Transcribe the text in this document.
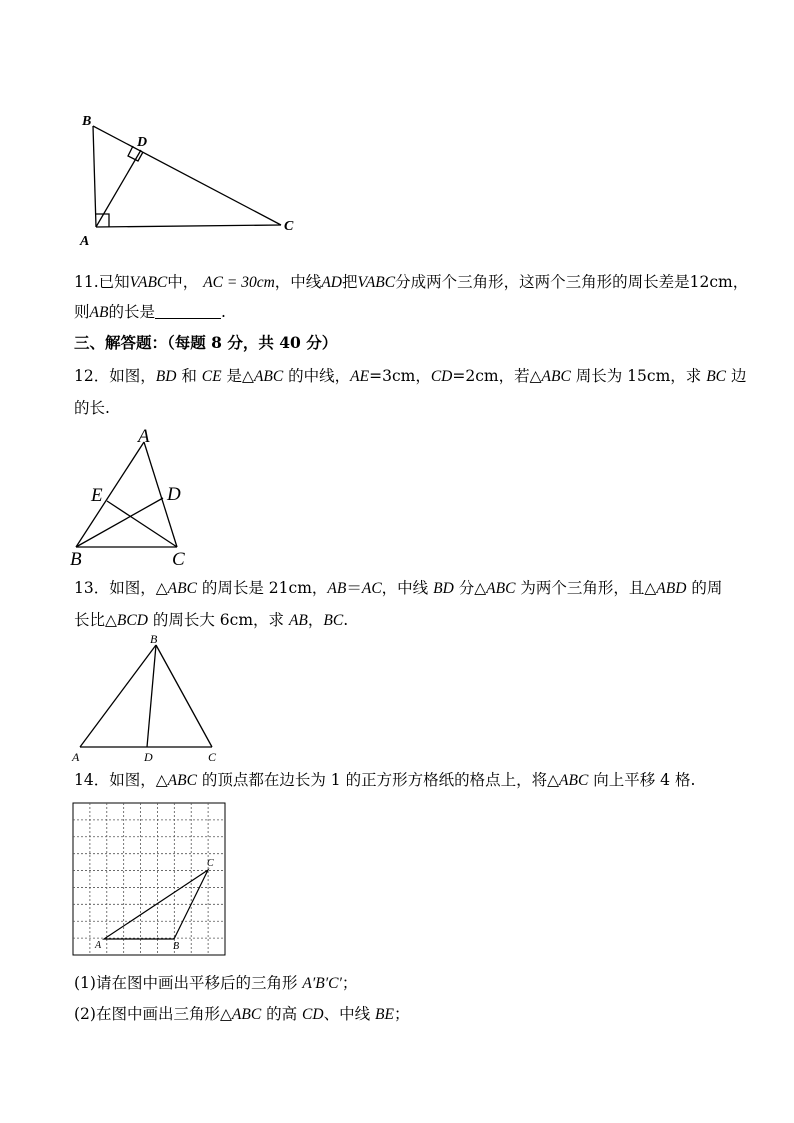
B
D
A
C
11.已知VABC中， AC = 30cm，中线AD把VABC分成两个三角形，这两个三角形的周长差是12cm，
则AB的长是	.
三、解答题：（每题 8 分，共 40 分）
12．如图，BD 和 CE 是△ABC 的中线，AE=3cm，CD=2cm，若△ABC 周长为 15cm，求 BC 边
的长.
A
E	D
B	C
13．如图，△ABC 的周长是 21cm，AB＝AC，中线 BD 分△ABC 为两个三角形，且△ABD 的周
长比△BCD 的周长大 6cm，求 AB，BC.
B
A	D	C
14．如图，△ABC 的顶点都在边长为 1 的正方形方格纸的格点上，将△ABC 向上平移 4 格.
C
A	B
(1)请在图中画出平移后的三角形 A′B′C′；
(2)在图中画出三角形△ABC 的高 CD、中线 BE；
